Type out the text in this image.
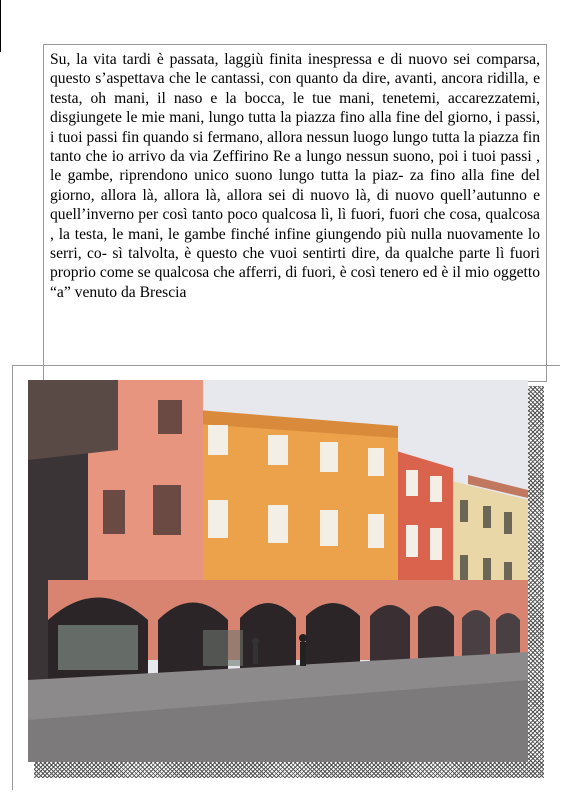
Su, la vita tardi è passata, laggiù finita inespressa e di nuovo sei comparsa, questo s’aspettava che le cantassi, con quanto da dire, avanti, ancora ridilla, e testa, oh mani, il naso e la bocca, le tue mani, tenetemi, accarezzatemi, disgiungete le mie mani, lungo tutta la piazza fino alla fine del giorno, i passi, i tuoi passi fin quando si fermano, allora nessun luogo lungo tutta la piazza fin tanto che io arrivo da via Zeffirino Re a lungo nessun suono, poi i tuoi passi , le gambe, riprendono unico suono lungo tutta la piaz- za fino alla fine del giorno, allora là, allora là, allora sei di nuovo là, di nuovo quell’autunno e quell’inverno per così tanto poco qualcosa lì, lì fuori, fuori che cosa, qualcosa , la testa, le mani, le gambe finché infine giungendo più nulla nuovamente lo serri, co- sì talvolta, è questo che vuoi sentirti dire, da qualche parte lì fuori proprio come se qualcosa che afferri, di fuori, è così tenero ed è il mio oggetto “a” venuto da Brescia
